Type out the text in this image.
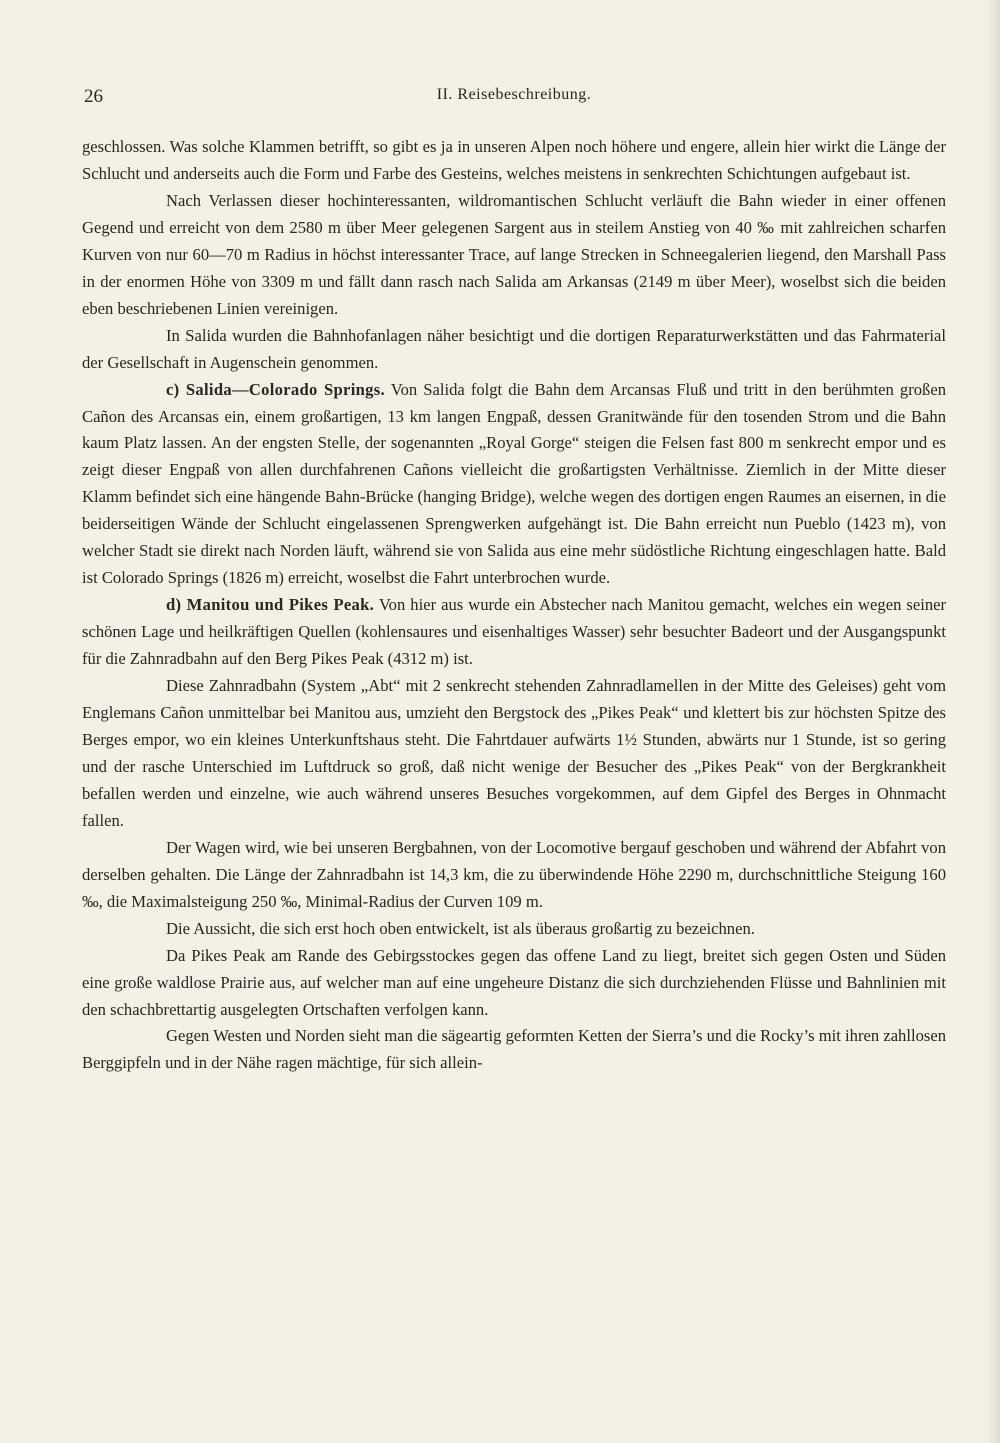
26	II. Reisebeschreibung.

geschlossen. Was solche Klammen betrifft, so gibt es ja in unseren Alpen noch höhere und engere, allein hier wirkt die Länge der Schlucht und anderseits auch die Form und Farbe des Gesteins, welches meistens in senkrechten Schichtungen aufgebaut ist.

Nach Verlassen dieser hochinteressanten, wildromantischen Schlucht verläuft die Bahn wieder in einer offenen Gegend und erreicht von dem 2580 m über Meer gelegenen Sargent aus in steilem Anstieg von 40 ‰ mit zahlreichen scharfen Kurven von nur 60—70 m Radius in höchst interessanter Trace, auf lange Strecken in Schneegalerien liegend, den Marshall Pass in der enormen Höhe von 3309 m und fällt dann rasch nach Salida am Arkansas (2149 m über Meer), woselbst sich die beiden eben beschriebenen Linien vereinigen.

In Salida wurden die Bahnhofanlagen näher besichtigt und die dortigen Reparaturwerkstätten und das Fahrmaterial der Gesellschaft in Augenschein genommen.

c) Salida—Colorado Springs. Von Salida folgt die Bahn dem Arcansas Fluß und tritt in den berühmten großen Cañon des Arcansas ein, einem großartigen, 13 km langen Engpaß, dessen Granitwände für den tosenden Strom und die Bahn kaum Platz lassen. An der engsten Stelle, der sogenannten „Royal Gorge“ steigen die Felsen fast 800 m senkrecht empor und es zeigt dieser Engpaß von allen durchfahrenen Cañons vielleicht die großartigsten Verhältnisse. Ziemlich in der Mitte dieser Klamm befindet sich eine hängende Bahn-Brücke (hanging Bridge), welche wegen des dortigen engen Raumes an eisernen, in die beiderseitigen Wände der Schlucht eingelassenen Sprengwerken aufgehängt ist. Die Bahn erreicht nun Pueblo (1423 m), von welcher Stadt sie direkt nach Norden läuft, während sie von Salida aus eine mehr südöstliche Richtung eingeschlagen hatte. Bald ist Colorado Springs (1826 m) erreicht, woselbst die Fahrt unterbrochen wurde.

d) Manitou und Pikes Peak. Von hier aus wurde ein Abstecher nach Manitou gemacht, welches ein wegen seiner schönen Lage und heilkräftigen Quellen (kohlensaures und eisenhaltiges Wasser) sehr besuchter Badeort und der Ausgangspunkt für die Zahnradbahn auf den Berg Pikes Peak (4312 m) ist.

Diese Zahnradbahn (System „Abt“ mit 2 senkrecht stehenden Zahnradlamellen in der Mitte des Geleises) geht vom Englemans Cañon unmittelbar bei Manitou aus, umzieht den Bergstock des „Pikes Peak“ und klettert bis zur höchsten Spitze des Berges empor, wo ein kleines Unterkunftshaus steht. Die Fahrtdauer aufwärts 1½ Stunden, abwärts nur 1 Stunde, ist so gering und der rasche Unterschied im Luftdruck so groß, daß nicht wenige der Besucher des „Pikes Peak“ von der Bergkrankheit befallen werden und einzelne, wie auch während unseres Besuches vorgekommen, auf dem Gipfel des Berges in Ohnmacht fallen.

Der Wagen wird, wie bei unseren Bergbahnen, von der Locomotive bergauf geschoben und während der Abfahrt von derselben gehalten. Die Länge der Zahnradbahn ist 14,3 km, die zu überwindende Höhe 2290 m, durchschnittliche Steigung 160 ‰, die Maximalsteigung 250 ‰, Minimal-Radius der Curven 109 m.

Die Aussicht, die sich erst hoch oben entwickelt, ist als überaus großartig zu bezeichnen.

Da Pikes Peak am Rande des Gebirgsstockes gegen das offene Land zu liegt, breitet sich gegen Osten und Süden eine große waldlose Prairie aus, auf welcher man auf eine ungeheure Distanz die sich durchziehenden Flüsse und Bahnlinien mit den schachbrettartig ausgelegten Ortschaften verfolgen kann.

Gegen Westen und Norden sieht man die sägeartig geformten Ketten der Sierra’s und die Rocky’s mit ihren zahllosen Berggipfeln und in der Nähe ragen mächtige, für sich allein-
